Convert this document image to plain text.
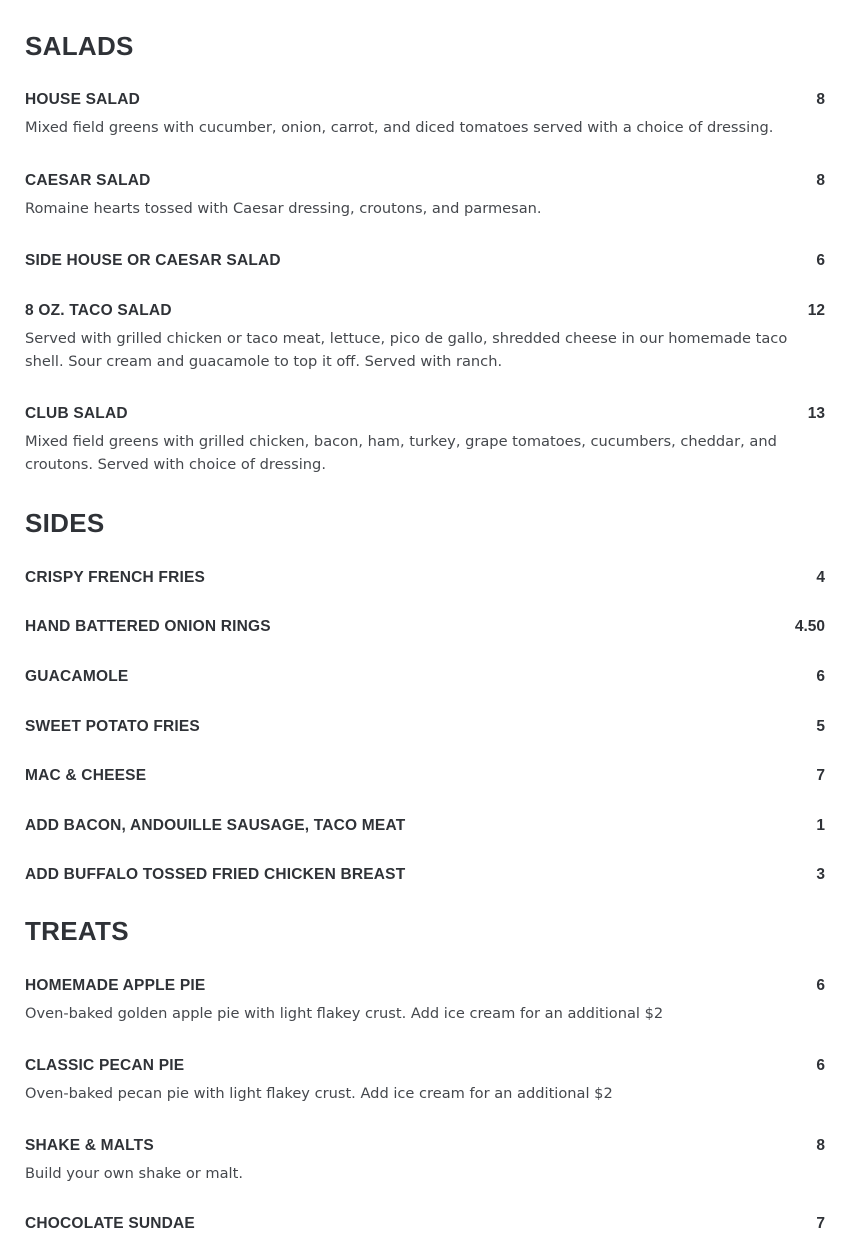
SALADS
HOUSE SALAD	8
Mixed field greens with cucumber, onion, carrot, and diced tomatoes served with a choice of dressing.
CAESAR SALAD	8
Romaine hearts tossed with Caesar dressing, croutons, and parmesan.
SIDE HOUSE OR CAESAR SALAD	6
8 OZ. TACO SALAD	12
Served with grilled chicken or taco meat, lettuce, pico de gallo, shredded cheese in our homemade taco shell. Sour cream and guacamole to top it off. Served with ranch.
CLUB SALAD	13
Mixed field greens with grilled chicken, bacon, ham, turkey, grape tomatoes, cucumbers, cheddar, and croutons. Served with choice of dressing.
SIDES
CRISPY FRENCH FRIES	4
HAND BATTERED ONION RINGS	4.50
GUACAMOLE	6
SWEET POTATO FRIES	5
MAC & CHEESE	7
ADD BACON, ANDOUILLE SAUSAGE, TACO MEAT	1
ADD BUFFALO TOSSED FRIED CHICKEN BREAST	3
TREATS
HOMEMADE APPLE PIE	6
Oven-baked golden apple pie with light flakey crust. Add ice cream for an additional $2
CLASSIC PECAN PIE	6
Oven-baked pecan pie with light flakey crust. Add ice cream for an additional $2
SHAKE & MALTS	8
Build your own shake or malt.
CHOCOLATE SUNDAE	7
